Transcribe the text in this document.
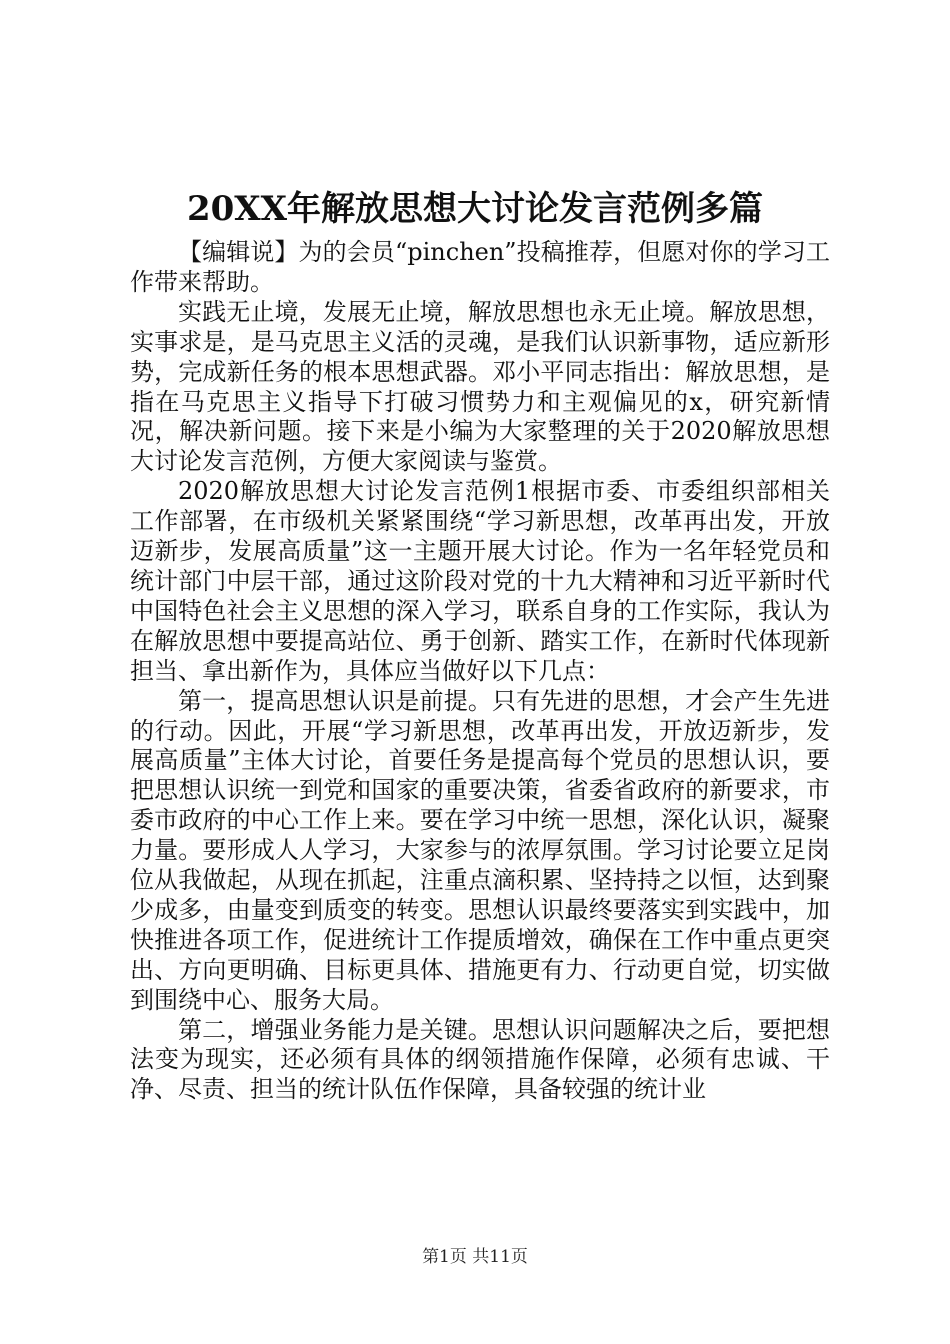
20XX年解放思想大讨论发言范例多篇

【编辑说】为的会员“pinchen”投稿推荐，但愿对你的学习工作带来帮助。

实践无止境，发展无止境，解放思想也永无止境。解放思想，实事求是，是马克思主义活的灵魂，是我们认识新事物，适应新形势，完成新任务的根本思想武器。邓小平同志指出：解放思想，是指在马克思主义指导下打破习惯势力和主观偏见的x，研究新情况，解决新问题。接下来是小编为大家整理的关于2020解放思想大讨论发言范例，方便大家阅读与鉴赏。

2020解放思想大讨论发言范例1根据市委、市委组织部相关工作部署，在市级机关紧紧围绕“学习新思想，改革再出发，开放迈新步，发展高质量”这一主题开展大讨论。作为一名年轻党员和统计部门中层干部，通过这阶段对党的十九大精神和习近平新时代中国特色社会主义思想的深入学习，联系自身的工作实际，我认为在解放思想中要提高站位、勇于创新、踏实工作，在新时代体现新担当、拿出新作为，具体应当做好以下几点：

第一，提高思想认识是前提。只有先进的思想，才会产生先进的行动。因此，开展“学习新思想，改革再出发，开放迈新步，发展高质量”主体大讨论，首要任务是提高每个党员的思想认识，要把思想认识统一到党和国家的重要决策，省委省政府的新要求，市委市政府的中心工作上来。要在学习中统一思想，深化认识，凝聚力量。要形成人人学习，大家参与的浓厚氛围。学习讨论要立足岗位从我做起，从现在抓起，注重点滴积累、坚持持之以恒，达到聚少成多，由量变到质变的转变。思想认识最终要落实到实践中，加快推进各项工作，促进统计工作提质增效，确保在工作中重点更突出、方向更明确、目标更具体、措施更有力、行动更自觉，切实做到围绕中心、服务大局。

第二，增强业务能力是关键。思想认识问题解决之后，要把想法变为现实，还必须有具体的纲领措施作保障，必须有忠诚、干净、尽责、担当的统计队伍作保障，具备较强的统计业

第1页 共11页
